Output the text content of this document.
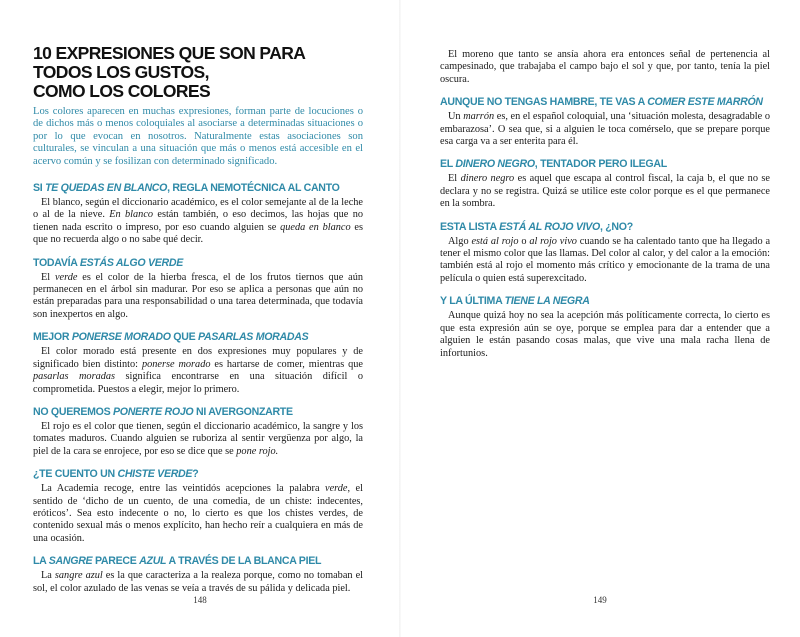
10 EXPRESIONES QUE SON PARA TODOS LOS GUSTOS,
COMO LOS COLORES

Los colores aparecen en muchas expresiones, forman parte de locuciones o de dichos más o menos coloquiales al asociarse a determinadas situaciones o por lo que evocan en nosotros. Naturalmente estas asociaciones son culturales, se vinculan a una situación que más o menos está accesible en el acervo común y se fosilizan con determinado significado.

SI TE QUEDAS EN BLANCO, REGLA NEMOTÉCNICA AL CANTO

El blanco, según el diccionario académico, es el color semejante al de la leche o al de la nieve. En blanco están también, o eso decimos, las hojas que no tienen nada escrito o impreso, por eso cuando alguien se queda en blanco es que no recuerda algo o no sabe qué decir.

TODAVÍA ESTÁS ALGO VERDE

El verde es el color de la hierba fresca, el de los frutos tiernos que aún permanecen en el árbol sin madurar. Por eso se aplica a personas que aún no están preparadas para una responsabilidad o una tarea determinada, que todavía son inexpertos en algo.

MEJOR PONERSE MORADO QUE PASARLAS MORADAS

El color morado está presente en dos expresiones muy populares y de significado bien distinto: ponerse morado es hartarse de comer, mientras que pasarlas moradas significa encontrarse en una situación difícil o comprometida. Puestos a elegir, mejor lo primero.

NO QUEREMOS PONERTE ROJO NI AVERGONZARTE

El rojo es el color que tienen, según el diccionario académico, la sangre y los tomates maduros. Cuando alguien se ruboriza al sentir vergüenza por algo, la piel de la cara se enrojece, por eso se dice que se pone rojo.

¿TE CUENTO UN CHISTE VERDE?

La Academia recoge, entre las veintidós acepciones la palabra verde, el sentido de ‘dicho de un cuento, de una comedia, de un chiste: indecentes, eróticos’. Sea esto indecente o no, lo cierto es que los chistes verdes, de contenido sexual más o menos explícito, han hecho reír a cualquiera en más de una ocasión.

LA SANGRE PARECE AZUL A TRAVÉS DE LA BLANCA PIEL

La sangre azul es la que caracteriza a la realeza porque, como no tomaban el sol, el color azulado de las venas se veía a través de su pálida y delicada piel.

148

El moreno que tanto se ansía ahora era entonces señal de pertenencia al campesinado, que trabajaba el campo bajo el sol y que, por tanto, tenía la piel oscura.

AUNQUE NO TENGAS HAMBRE, TE VAS A COMER ESTE MARRÓN

Un marrón es, en el español coloquial, una ‘situación molesta, desagradable o embarazosa’. O sea que, si a alguien le toca comérselo, que se prepare porque esa carga va a ser enterita para él.

EL DINERO NEGRO, TENTADOR PERO ILEGAL

El dinero negro es aquel que escapa al control fiscal, la caja b, el que no se declara y no se registra. Quizá se utilice este color porque es el que permanece en la sombra.

ESTA LISTA ESTÁ AL ROJO VIVO, ¿NO?

Algo está al rojo o al rojo vivo cuando se ha calentado tanto que ha llegado a tener el mismo color que las llamas. Del color al calor, y del calor a la emoción: también está al rojo el momento más crítico y emocionante de la trama de una película o quien está superexcitado.

Y LA ÚLTIMA TIENE LA NEGRA

Aunque quizá hoy no sea la acepción más políticamente correcta, lo cierto es que esta expresión aún se oye, porque se emplea para dar a entender que a alguien le están pasando cosas malas, que vive una mala racha llena de infortunios.

149
